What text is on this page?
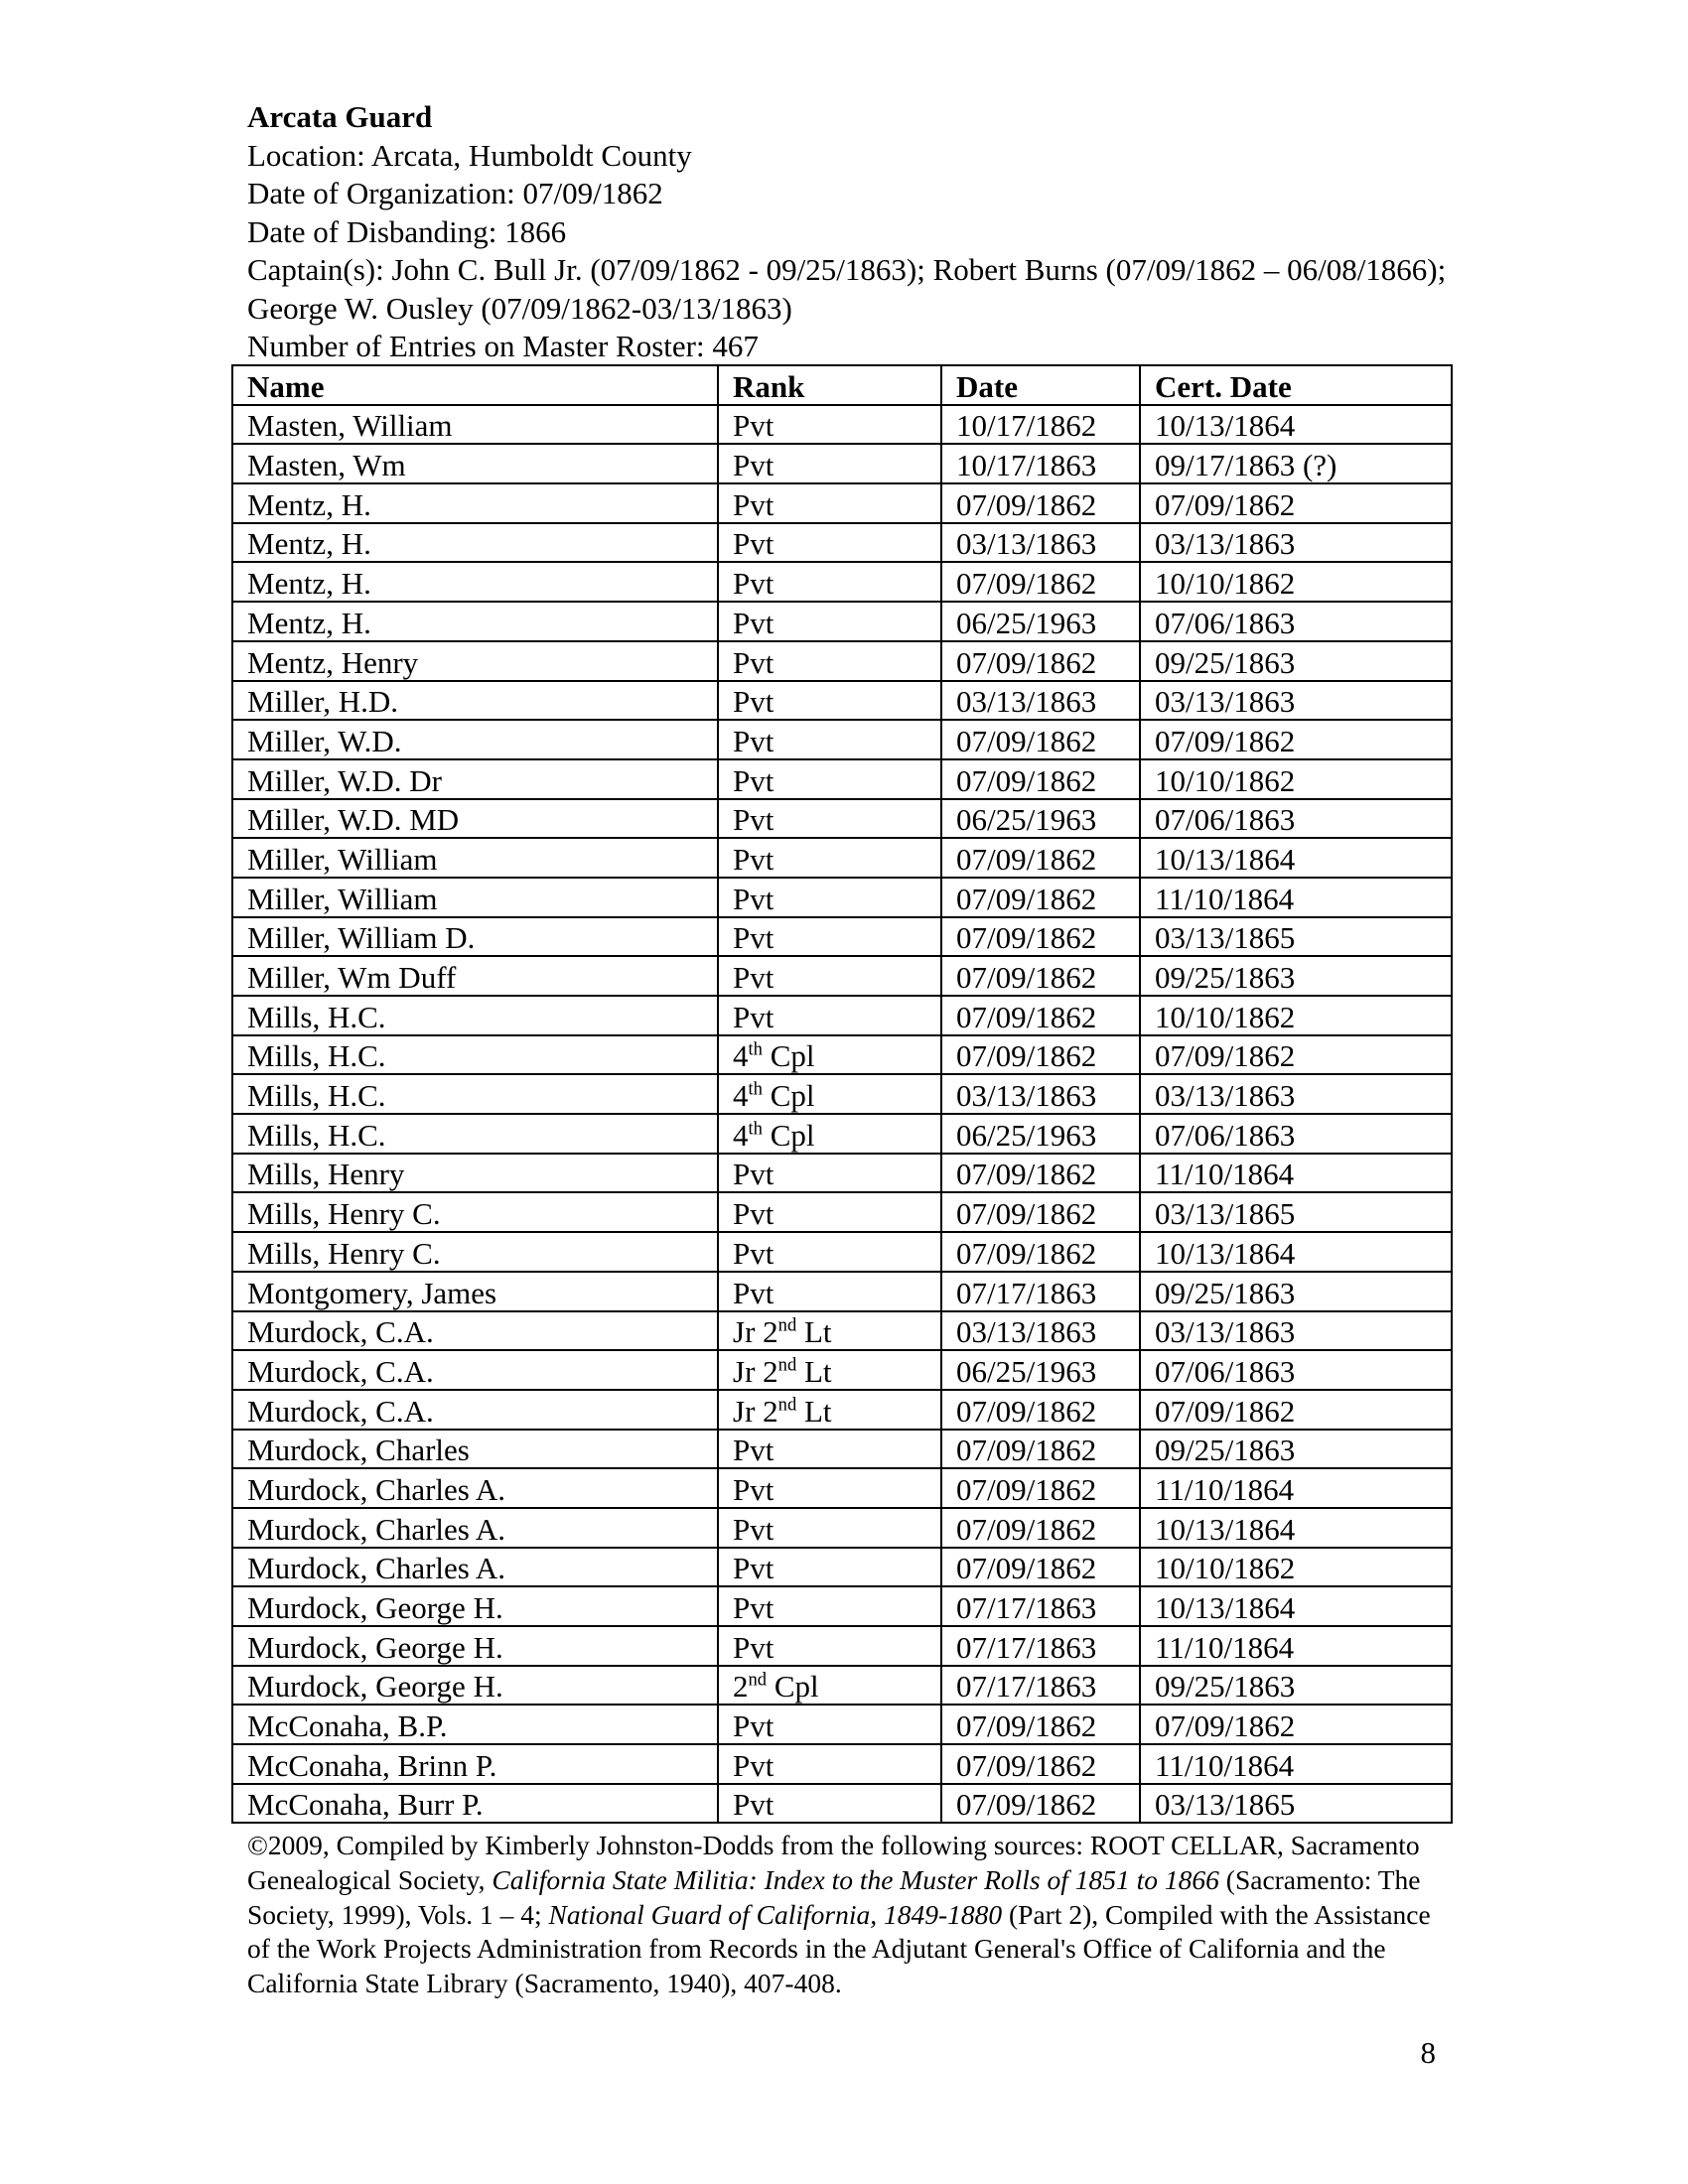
Arcata Guard
Location: Arcata, Humboldt County
Date of Organization: 07/09/1862
Date of Disbanding: 1866
Captain(s): John C. Bull Jr. (07/09/1862 - 09/25/1863); Robert Burns (07/09/1862 – 06/08/1866); George W. Ousley (07/09/1862-03/13/1863)
Number of Entries on Master Roster: 467
Name	Rank	Date	Cert. Date
Masten, William	Pvt	10/17/1862	10/13/1864
Masten, Wm	Pvt	10/17/1863	09/17/1863 (?)
Mentz, H.	Pvt	07/09/1862	07/09/1862
Mentz, H.	Pvt	03/13/1863	03/13/1863
Mentz, H.	Pvt	07/09/1862	10/10/1862
Mentz, H.	Pvt	06/25/1963	07/06/1863
Mentz, Henry	Pvt	07/09/1862	09/25/1863
Miller, H.D.	Pvt	03/13/1863	03/13/1863
Miller, W.D.	Pvt	07/09/1862	07/09/1862
Miller, W.D. Dr	Pvt	07/09/1862	10/10/1862
Miller, W.D. MD	Pvt	06/25/1963	07/06/1863
Miller, William	Pvt	07/09/1862	10/13/1864
Miller, William	Pvt	07/09/1862	11/10/1864
Miller, William D.	Pvt	07/09/1862	03/13/1865
Miller, Wm Duff	Pvt	07/09/1862	09/25/1863
Mills, H.C.	Pvt	07/09/1862	10/10/1862
Mills, H.C.	4th Cpl	07/09/1862	07/09/1862
Mills, H.C.	4th Cpl	03/13/1863	03/13/1863
Mills, H.C.	4th Cpl	06/25/1963	07/06/1863
Mills, Henry	Pvt	07/09/1862	11/10/1864
Mills, Henry C.	Pvt	07/09/1862	03/13/1865
Mills, Henry C.	Pvt	07/09/1862	10/13/1864
Montgomery, James	Pvt	07/17/1863	09/25/1863
Murdock, C.A.	Jr 2nd Lt	03/13/1863	03/13/1863
Murdock, C.A.	Jr 2nd Lt	06/25/1963	07/06/1863
Murdock, C.A.	Jr 2nd Lt	07/09/1862	07/09/1862
Murdock, Charles	Pvt	07/09/1862	09/25/1863
Murdock, Charles A.	Pvt	07/09/1862	11/10/1864
Murdock, Charles A.	Pvt	07/09/1862	10/13/1864
Murdock, Charles A.	Pvt	07/09/1862	10/10/1862
Murdock, George H.	Pvt	07/17/1863	10/13/1864
Murdock, George H.	Pvt	07/17/1863	11/10/1864
Murdock, George H.	2nd Cpl	07/17/1863	09/25/1863
McConaha, B.P.	Pvt	07/09/1862	07/09/1862
McConaha, Brinn P.	Pvt	07/09/1862	11/10/1864
McConaha, Burr P.	Pvt	07/09/1862	03/13/1865
©2009, Compiled by Kimberly Johnston-Dodds from the following sources: ROOT CELLAR, Sacramento Genealogical Society, California State Militia: Index to the Muster Rolls of 1851 to 1866 (Sacramento: The Society, 1999), Vols. 1 – 4; National Guard of California, 1849-1880 (Part 2), Compiled with the Assistance of the Work Projects Administration from Records in the Adjutant General's Office of California and the California State Library (Sacramento, 1940), 407-408.
8
